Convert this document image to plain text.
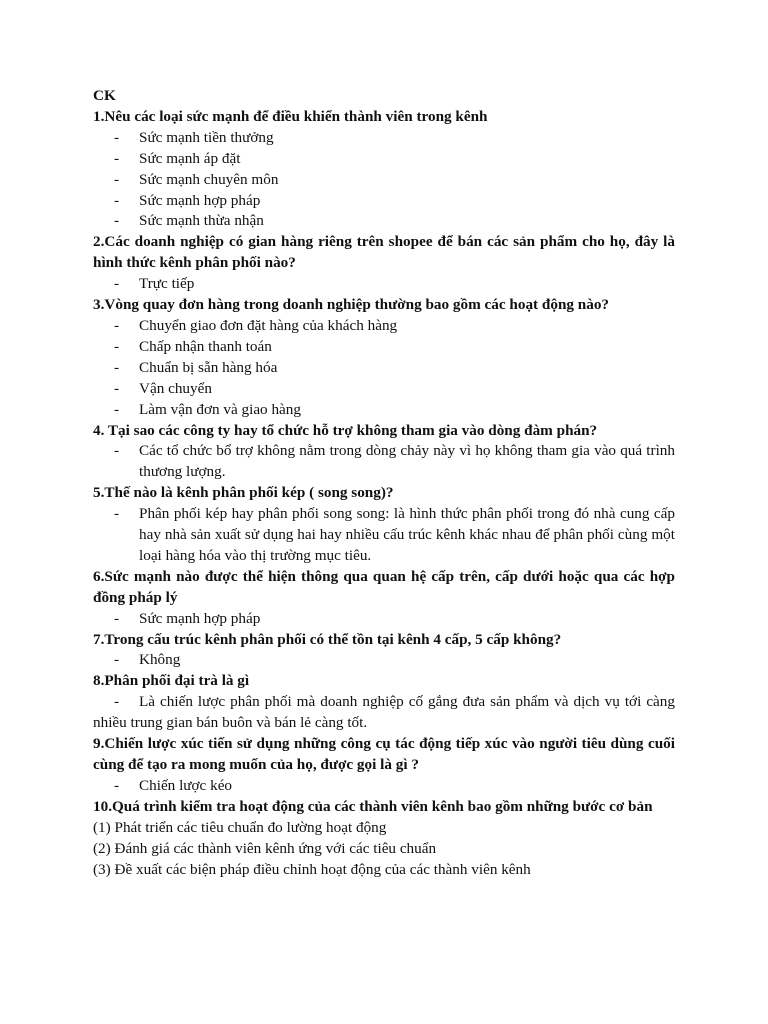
CK

1.Nêu các loại sức mạnh để điều khiển thành viên trong kênh

- Sức mạnh tiền thưởng
- Sức mạnh áp đặt
- Sức mạnh chuyên môn
- Sức mạnh hợp pháp
- Sức mạnh thừa nhận

2.Các doanh nghiệp có gian hàng riêng trên shopee để bán các sản phẩm cho họ, đây là hình thức kênh phân phối nào?

- Trực tiếp

3.Vòng quay đơn hàng trong doanh nghiệp thường bao gồm các hoạt động nào?

- Chuyển giao đơn đặt hàng của khách hàng
- Chấp nhận thanh toán
- Chuẩn bị sẵn hàng hóa
- Vận chuyển
- Làm vận đơn và giao hàng

4. Tại sao các công ty hay tổ chức hỗ trợ không tham gia vào dòng đàm phán?

- Các tổ chức bổ trợ không nằm trong dòng chảy này vì họ không tham gia vào quá trình thương lượng.

5.Thế nào là kênh phân phối kép ( song song)?

- Phân phối kép hay phân phối song song: là hình thức phân phối trong đó nhà cung cấp hay nhà sản xuất sử dụng hai hay nhiều cấu trúc kênh khác nhau để phân phối cùng một loại hàng hóa vào thị trường mục tiêu.

6.Sức mạnh nào được thể hiện thông qua quan hệ cấp trên, cấp dưới hoặc qua các hợp đồng pháp lý

- Sức mạnh hợp pháp

7.Trong cấu trúc kênh phân phối có thể tồn tại kênh 4 cấp, 5 cấp không?

- Không

8.Phân phối đại trà là gì

- Là chiến lược phân phối mà doanh nghiệp cố gắng đưa sản phẩm và dịch vụ tới càng nhiều trung gian bán buôn và bán lẻ càng tốt.

9.Chiến lược xúc tiến sử dụng những công cụ tác động tiếp xúc vào người tiêu dùng cuối cùng để tạo ra mong muốn của họ, được gọi là gì ?

- Chiến lược kéo

10.Quá trình kiểm tra hoạt động của các thành viên kênh bao gồm những bước cơ bản

(1) Phát triển các tiêu chuẩn đo lường hoạt động

(2) Đánh giá các thành viên kênh ứng với các tiêu chuẩn

(3) Đề xuất các biện pháp điều chỉnh hoạt động của các thành viên kênh
